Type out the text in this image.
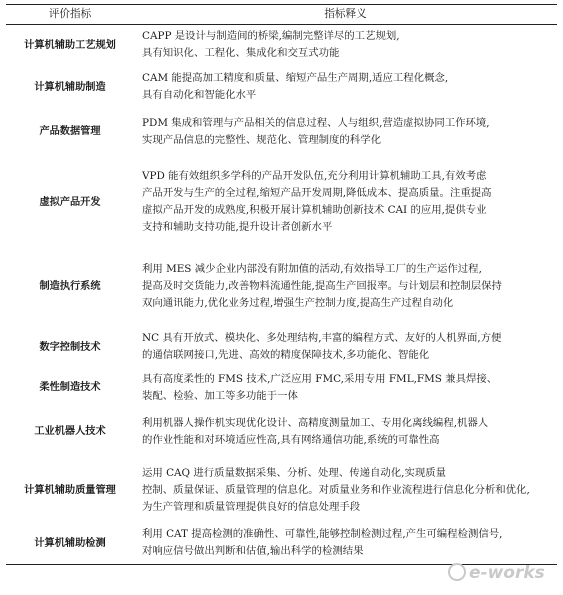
评价指标	指标释义
计算机辅助工艺规划	CAPP 是设计与制造间的桥梁,编制完整详尽的工艺规划,
具有知识化、工程化、集成化和交互式功能

计算机辅助制造	CAM 能提高加工精度和质量、缩短产品生产周期,适应工程化概念,
具有自动化和智能化水平

产品数据管理	PDM 集成和管理与产品相关的信息过程、人与组织,营造虚拟协同工作环境,
实现产品信息的完整性、规范化、管理制度的科学化

虚拟产品开发	VPD 能有效组织多学科的产品开发队伍,充分利用计算机辅助工具,有效考虑
产品开发与生产的全过程,缩短产品开发周期,降低成本、提高质量。注重提高
虚拟产品开发的成熟度,积极开展计算机辅助创新技术 CAI 的应用,提供专业
支持和辅助支持功能,提升设计者创新水平

制造执行系统	利用 MES 减少企业内部没有附加值的活动,有效指导工厂的生产运作过程,
提高及时交货能力,改善物料流通性能,提高生产回报率。与计划层和控制层保持
双向通讯能力,优化业务过程,增强生产控制力度,提高生产过程自动化

数字控制技术	NC 具有开放式、模块化、多处理结构,丰富的编程方式、友好的人机界面,方便
的通信联网接口,先进、高效的精度保障技术,多功能化、智能化

柔性制造技术	具有高度柔性的 FMS 技术,广泛应用 FMC,采用专用 FML,FMS 兼具焊接、
装配、检验、加工等多功能于一体

工业机器人技术	利用机器人操作机实现优化设计、高精度测量加工、专用化离线编程,机器人
的作业性能和对环境适应性高,具有网络通信功能,系统的可靠性高

计算机辅助质量管理	运用 CAQ 进行质量数据采集、分析、处理、传递自动化,实现质量
控制、质量保证、质量管理的信息化。对质量业务和作业流程进行信息化分析和优化,
为生产管理和质量管理提供良好的信息处理手段

计算机辅助检测	利用 CAT 提高检测的准确性、可靠性,能够控制检测过程,产生可编程检测信号,
对响应信号做出判断和估值,输出科学的检测结果
e-works
